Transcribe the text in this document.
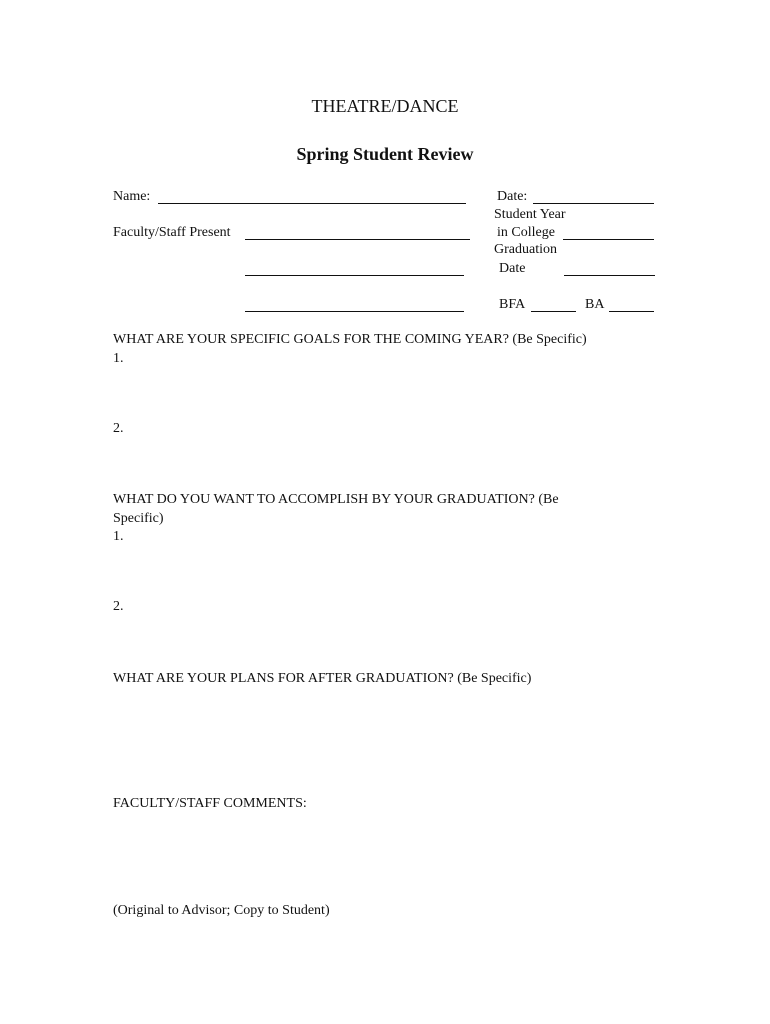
THEATRE/DANCE
Spring Student Review
Name:	Date:
Student Year
in College
Faculty/Staff Present
Graduation
Date
BFA	BA
WHAT ARE YOUR SPECIFIC GOALS FOR THE COMING YEAR? (Be Specific)
1.
2.
WHAT DO YOU WANT TO ACCOMPLISH BY YOUR GRADUATION? (Be
Specific)
1.
2.
WHAT ARE YOUR PLANS FOR AFTER GRADUATION? (Be Specific)
FACULTY/STAFF COMMENTS:
(Original to Advisor; Copy to Student)
